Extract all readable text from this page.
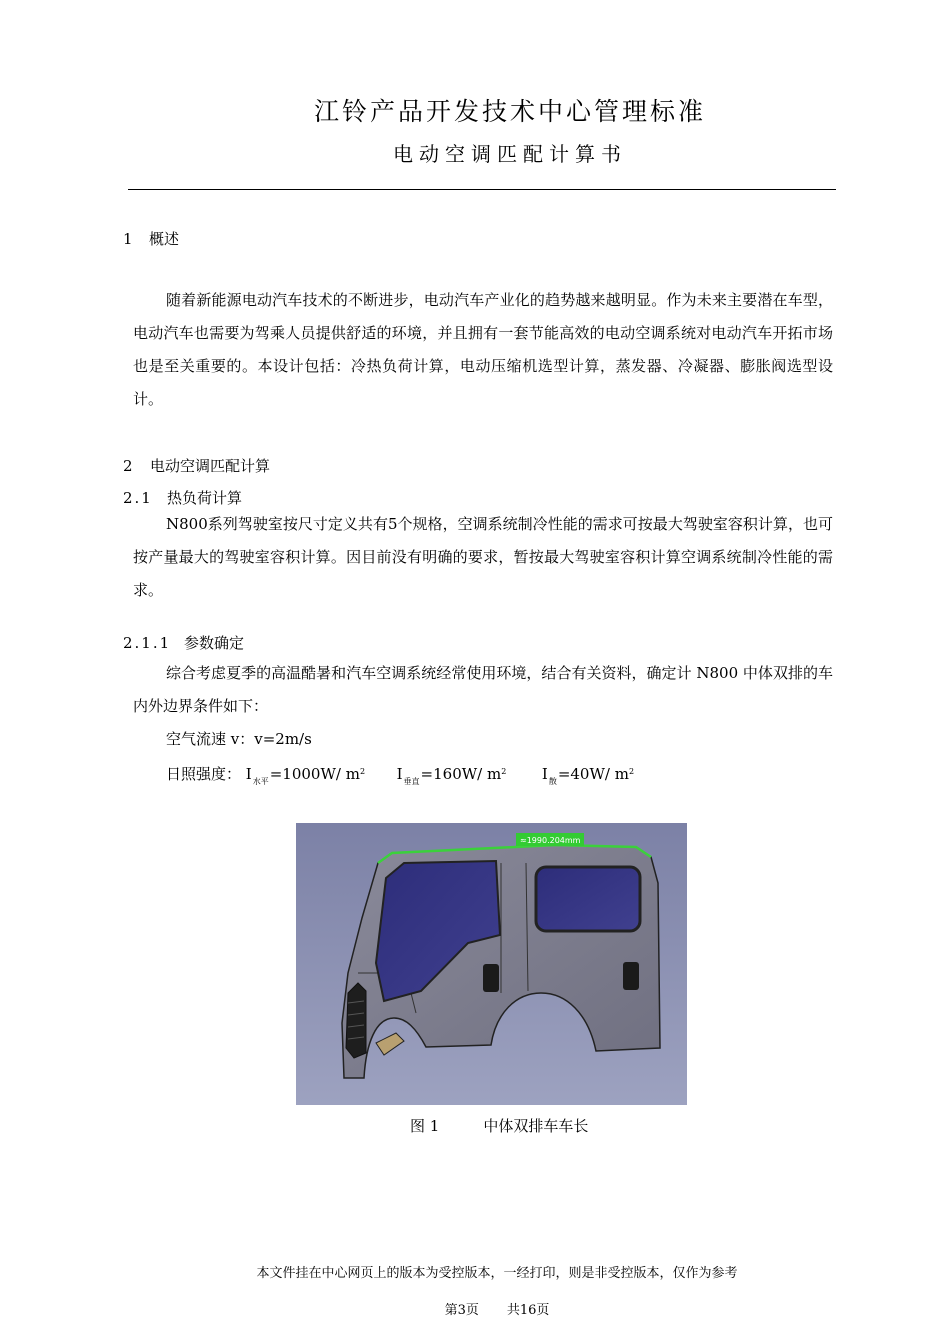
江铃产品开发技术中心管理标准
电动空调匹配计算书
1 概述
随着新能源电动汽车技术的不断进步，电动汽车产业化的趋势越来越明显。作为未来主要潜在车型，电动汽车也需要为驾乘人员提供舒适的环境，并且拥有一套节能高效的电动空调系统对电动汽车开拓市场也是至关重要的。本设计包括：冷热负荷计算，电动压缩机选型计算，蒸发器、冷凝器、膨胀阀选型设计。
2 电动空调匹配计算
2.1 热负荷计算
N800系列驾驶室按尺寸定义共有5个规格，空调系统制冷性能的需求可按最大驾驶室容积计算，也可按产量最大的驾驶室容积计算。因目前没有明确的要求，暂按最大驾驶室容积计算空调系统制冷性能的需求。
2.1.1 参数确定
综合考虑夏季的高温酷暑和汽车空调系统经常使用环境，结合有关资料，确定计 N800 中体双排的车内外边界条件如下：
空气流速 v：v=2m/s
日照强度： $I_{水平}=1000W/$ $m^2$ $I_{垂直}=160W/$ $m^2$ $I_散=40W/$ $m^2$
≈1990.204mm
图 1	中体双排车车长
本文件挂在中心网页上的版本为受控版本，一经打印，则是非受控版本，仅作为参考
第3页 共16页
